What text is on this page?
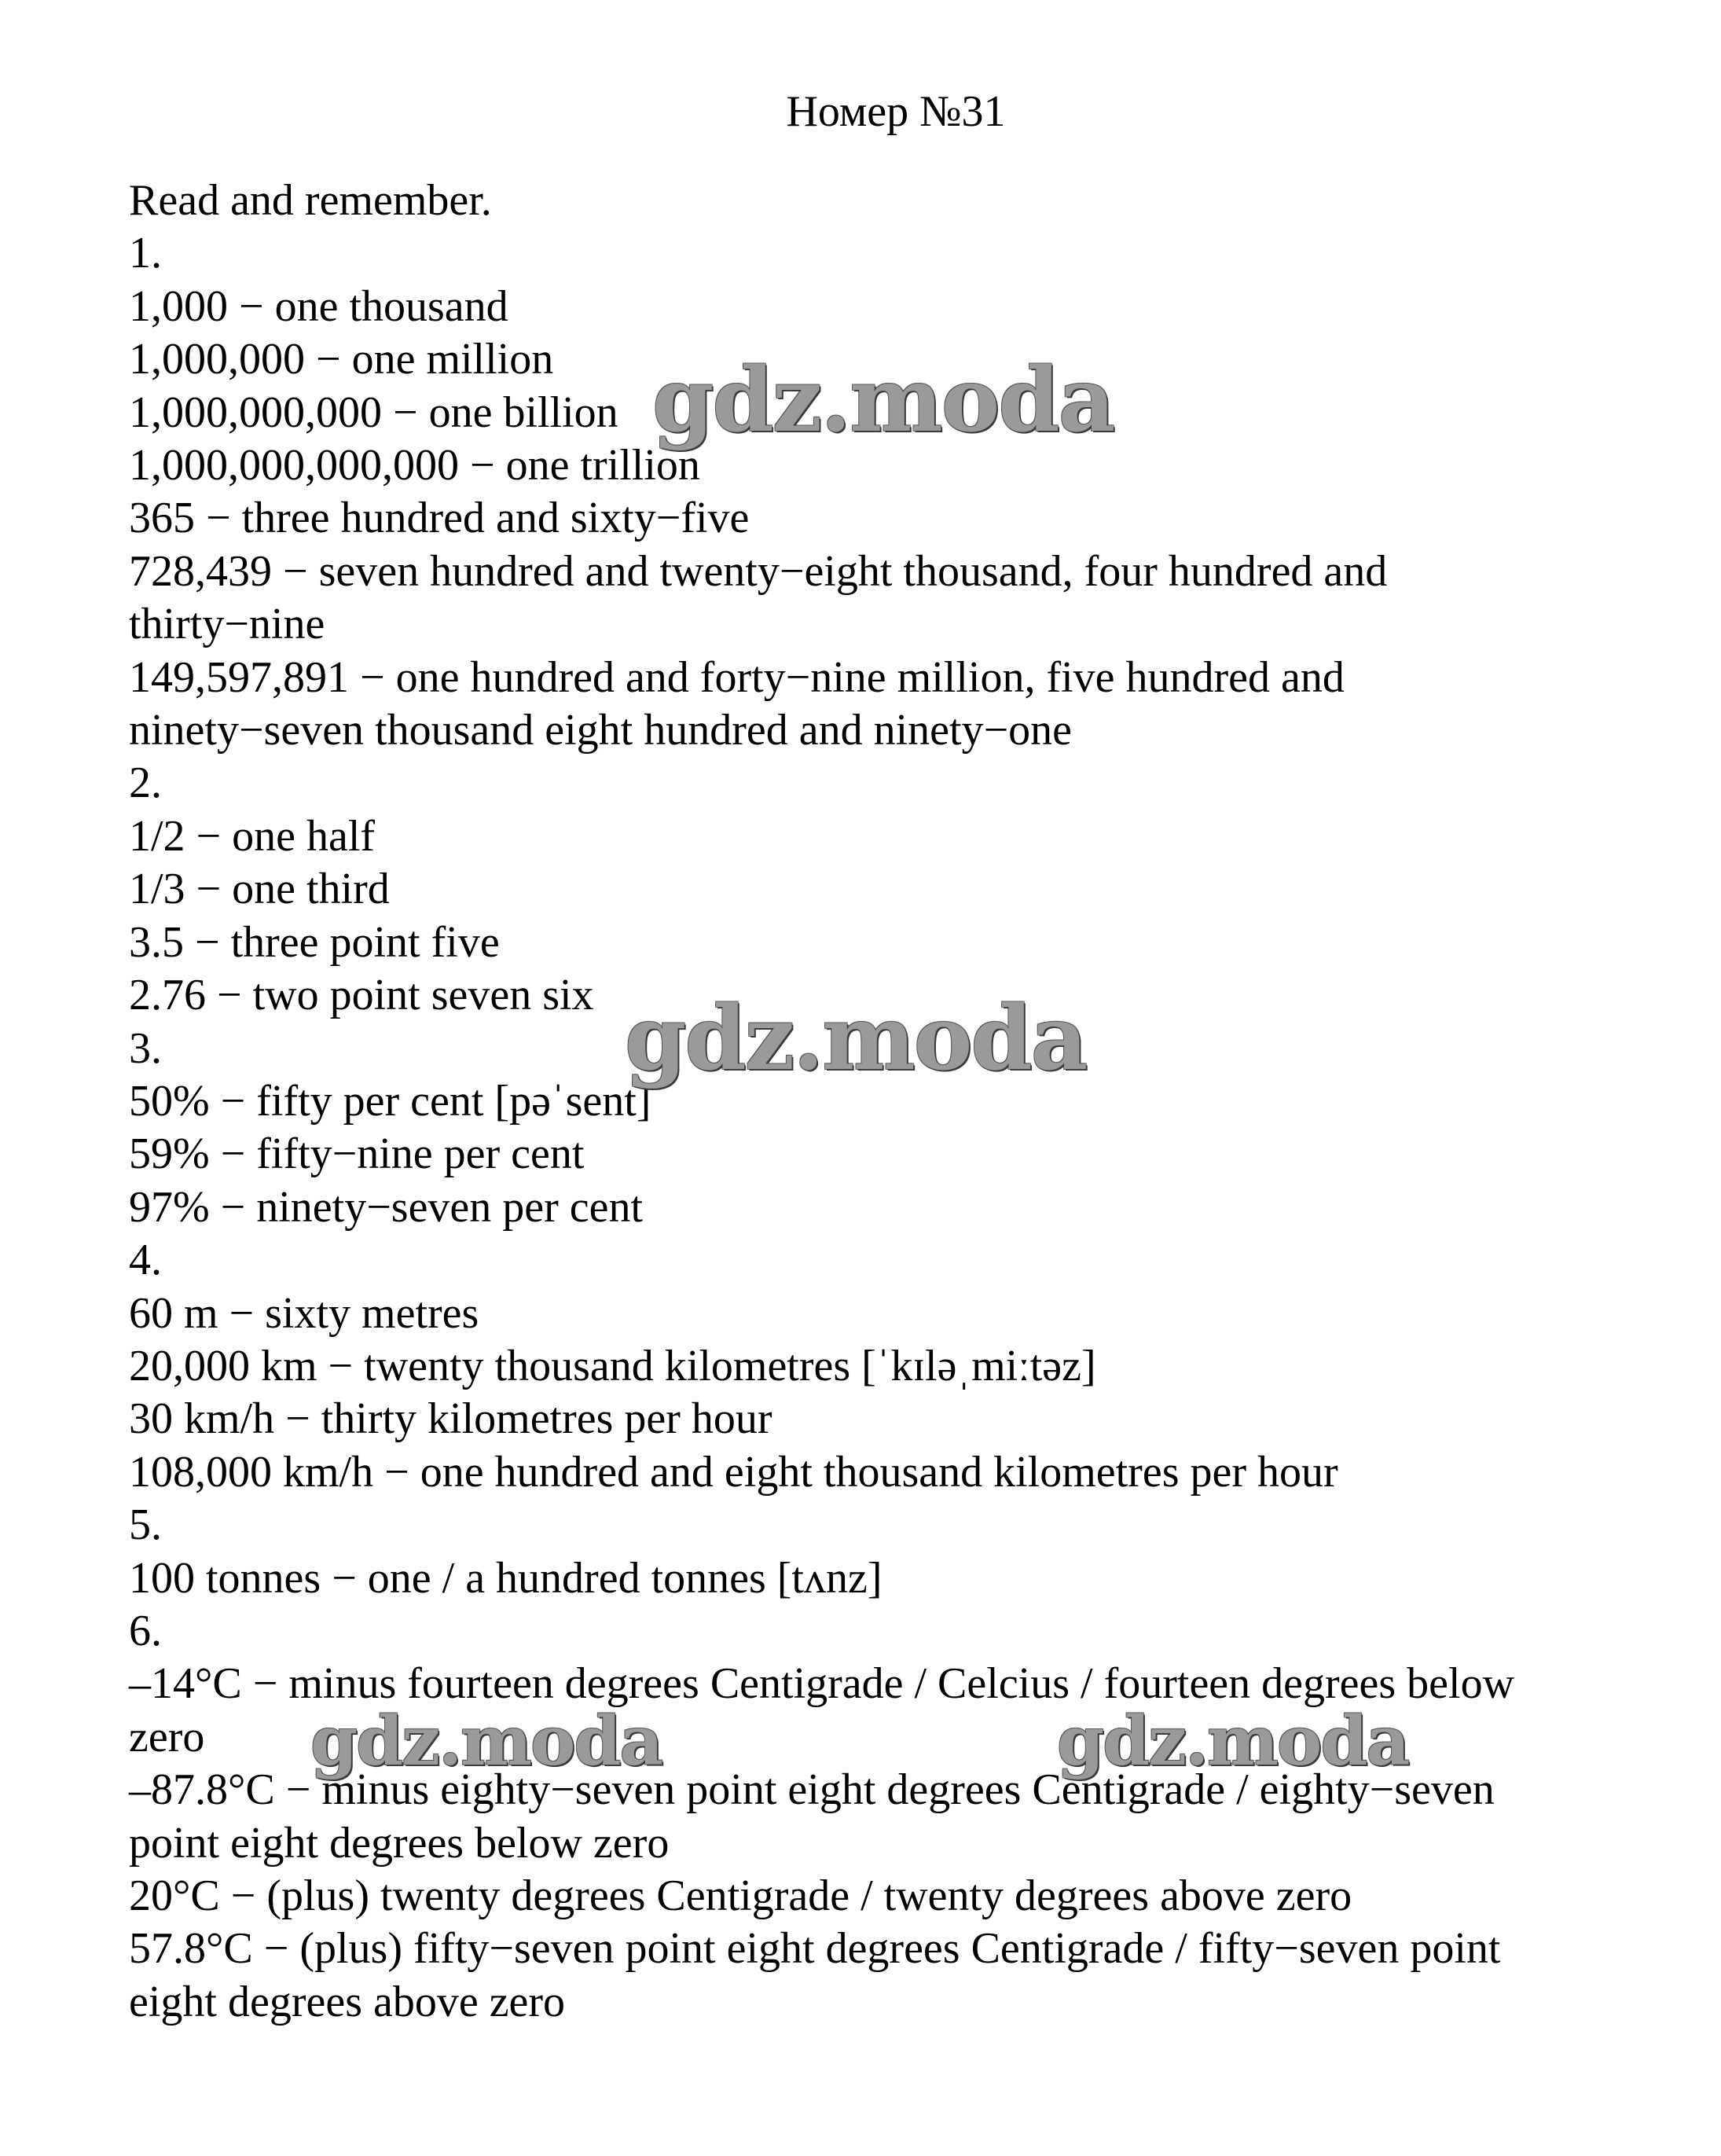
Номер №31
Read and remember.
1.
1,000 − one thousand
1,000,000 − one million
1,000,000,000 − one billion
1,000,000,000,000 − one trillion
365 − three hundred and sixty−five
728,439 − seven hundred and twenty−eight thousand, four hundred and
thirty−nine
149,597,891 − one hundred and forty−nine million, five hundred and
ninety−seven thousand eight hundred and ninety−one
2.
1/2 − one half
1/3 − one third
3.5 − three point five
2.76 − two point seven six
3.
50% − fifty per cent [pəˈsent]
59% − fifty−nine per cent
97% − ninety−seven per cent
4.
60 m − sixty metres
20,000 km − twenty thousand kilometres [ˈkɪləˌmiːtəz]
30 km/h − thirty kilometres per hour
108,000 km/h − one hundred and eight thousand kilometres per hour
5.
100 tonnes − one / a hundred tonnes [tʌnz]
6.
–14°C − minus fourteen degrees Centigrade / Celcius / fourteen degrees below
zero
–87.8°C − minus eighty−seven point eight degrees Centigrade / eighty−seven
point eight degrees below zero
20°C − (plus) twenty degrees Centigrade / twenty degrees above zero
57.8°C − (plus) fifty−seven point eight degrees Centigrade / fifty−seven point
eight degrees above zero
gdz.moda
gdz.moda
gdz.moda	gdz.moda
